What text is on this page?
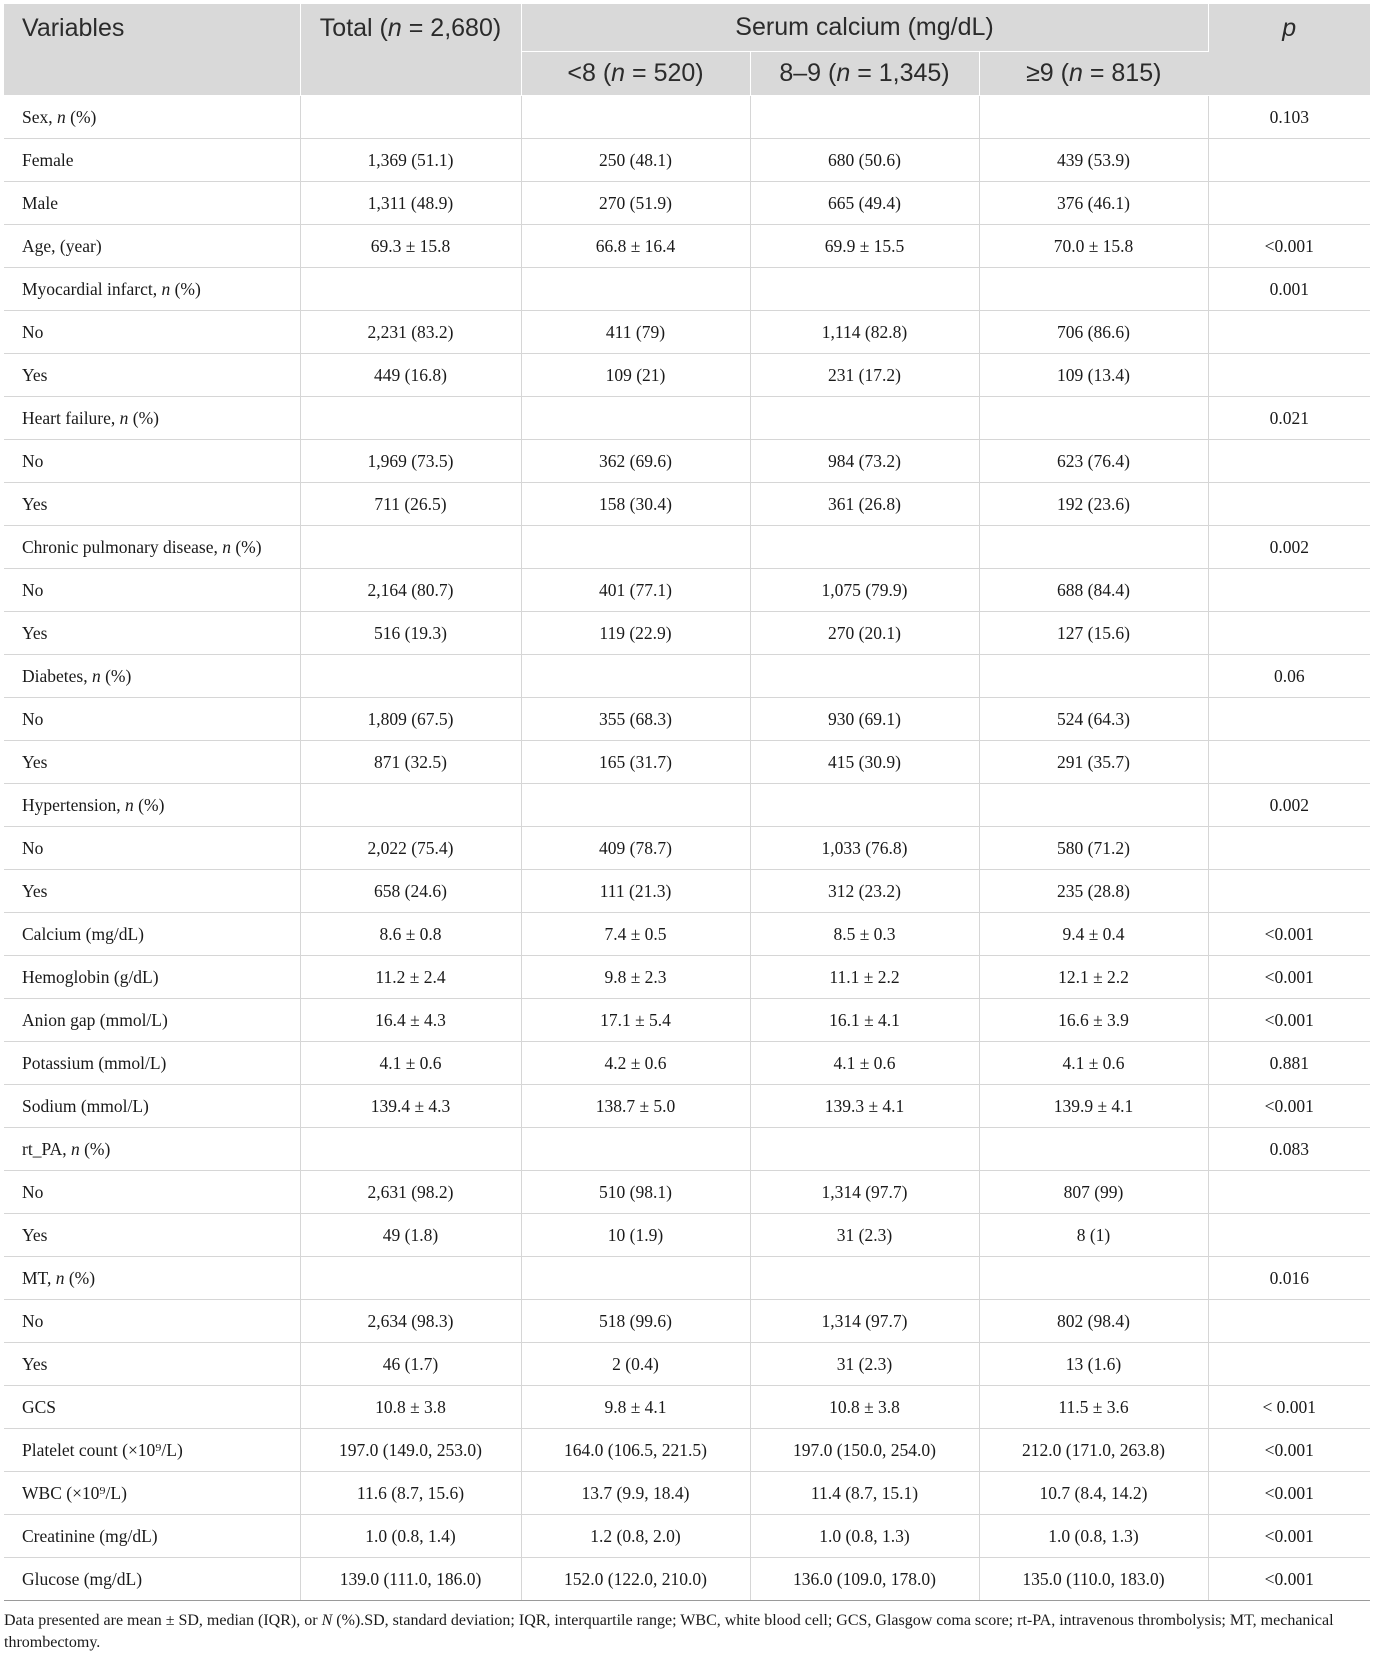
Variables	Total (n = 2,680)	Serum calcium (mg/dL)			p
		<8 (n = 520)	8–9 (n = 1,345)	≥9 (n = 815)	
Sex, n (%)					0.103
Female	1,369 (51.1)	250 (48.1)	680 (50.6)	439 (53.9)	
Male	1,311 (48.9)	270 (51.9)	665 (49.4)	376 (46.1)	
Age, (year)	69.3 ± 15.8	66.8 ± 16.4	69.9 ± 15.5	70.0 ± 15.8	<0.001
Myocardial infarct, n (%)					0.001
No	2,231 (83.2)	411 (79)	1,114 (82.8)	706 (86.6)	
Yes	449 (16.8)	109 (21)	231 (17.2)	109 (13.4)	
Heart failure, n (%)					0.021
No	1,969 (73.5)	362 (69.6)	984 (73.2)	623 (76.4)	
Yes	711 (26.5)	158 (30.4)	361 (26.8)	192 (23.6)	
Chronic pulmonary disease, n (%)					0.002
No	2,164 (80.7)	401 (77.1)	1,075 (79.9)	688 (84.4)	
Yes	516 (19.3)	119 (22.9)	270 (20.1)	127 (15.6)	
Diabetes, n (%)					0.06
No	1,809 (67.5)	355 (68.3)	930 (69.1)	524 (64.3)	
Yes	871 (32.5)	165 (31.7)	415 (30.9)	291 (35.7)	
Hypertension, n (%)					0.002
No	2,022 (75.4)	409 (78.7)	1,033 (76.8)	580 (71.2)	
Yes	658 (24.6)	111 (21.3)	312 (23.2)	235 (28.8)	
Calcium (mg/dL)	8.6 ± 0.8	7.4 ± 0.5	8.5 ± 0.3	9.4 ± 0.4	<0.001
Hemoglobin (g/dL)	11.2 ± 2.4	9.8 ± 2.3	11.1 ± 2.2	12.1 ± 2.2	<0.001
Anion gap (mmol/L)	16.4 ± 4.3	17.1 ± 5.4	16.1 ± 4.1	16.6 ± 3.9	<0.001
Potassium (mmol/L)	4.1 ± 0.6	4.2 ± 0.6	4.1 ± 0.6	4.1 ± 0.6	0.881
Sodium (mmol/L)	139.4 ± 4.3	138.7 ± 5.0	139.3 ± 4.1	139.9 ± 4.1	<0.001
rt_PA, n (%)					0.083
No	2,631 (98.2)	510 (98.1)	1,314 (97.7)	807 (99)	
Yes	49 (1.8)	10 (1.9)	31 (2.3)	8 (1)	
MT, n (%)					0.016
No	2,634 (98.3)	518 (99.6)	1,314 (97.7)	802 (98.4)	
Yes	46 (1.7)	2 (0.4)	31 (2.3)	13 (1.6)	
GCS	10.8 ± 3.8	9.8 ± 4.1	10.8 ± 3.8	11.5 ± 3.6	< 0.001
Platelet count (×10⁹/L)	197.0 (149.0, 253.0)	164.0 (106.5, 221.5)	197.0 (150.0, 254.0)	212.0 (171.0, 263.8)	<0.001
WBC (×10⁹/L)	11.6 (8.7, 15.6)	13.7 (9.9, 18.4)	11.4 (8.7, 15.1)	10.7 (8.4, 14.2)	<0.001
Creatinine (mg/dL)	1.0 (0.8, 1.4)	1.2 (0.8, 2.0)	1.0 (0.8, 1.3)	1.0 (0.8, 1.3)	<0.001
Glucose (mg/dL)	139.0 (111.0, 186.0)	152.0 (122.0, 210.0)	136.0 (109.0, 178.0)	135.0 (110.0, 183.0)	<0.001
Data presented are mean ± SD, median (IQR), or N (%).SD, standard deviation; IQR, interquartile range; WBC, white blood cell; GCS, Glasgow coma score; rt-PA, intravenous thrombolysis; MT, mechanical thrombectomy.
